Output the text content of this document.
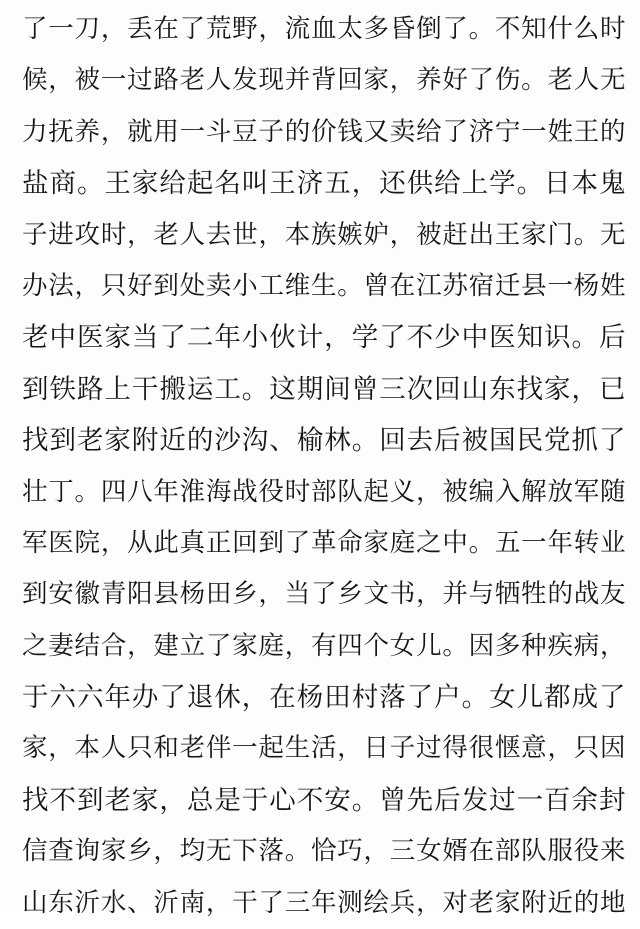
了一刀，丢在了荒野，流血太多昏倒了。不知什么时
候，被一过路老人发现并背回家，养好了伤。老人无
力抚养，就用一斗豆子的价钱又卖给了济宁一姓王的
盐商。王家给起名叫王济五，还供给上学。日本鬼
子进攻时，老人去世，本族嫉妒，被赶出王家门。无
办法，只好到处卖小工维生。曾在江苏宿迁县一杨姓
老中医家当了二年小伙计，学了不少中医知识。后
到铁路上干搬运工。这期间曾三次回山东找家，已
找到老家附近的沙沟、榆林。回去后被国民党抓了
壮丁。四八年淮海战役时部队起义，被编入解放军随
军医院，从此真正回到了革命家庭之中。五一年转业
到安徽青阳县杨田乡，当了乡文书，并与牺牲的战友
之妻结合，建立了家庭，有四个女儿。因多种疾病，
于六六年办了退休，在杨田村落了户。女儿都成了
家，本人只和老伴一起生活，日子过得很惬意，只因
找不到老家，总是于心不安。曾先后发过一百余封
信查询家乡，均无下落。恰巧，三女婿在部队服役来
山东沂水、沂南，干了三年测绘兵，对老家附近的地
